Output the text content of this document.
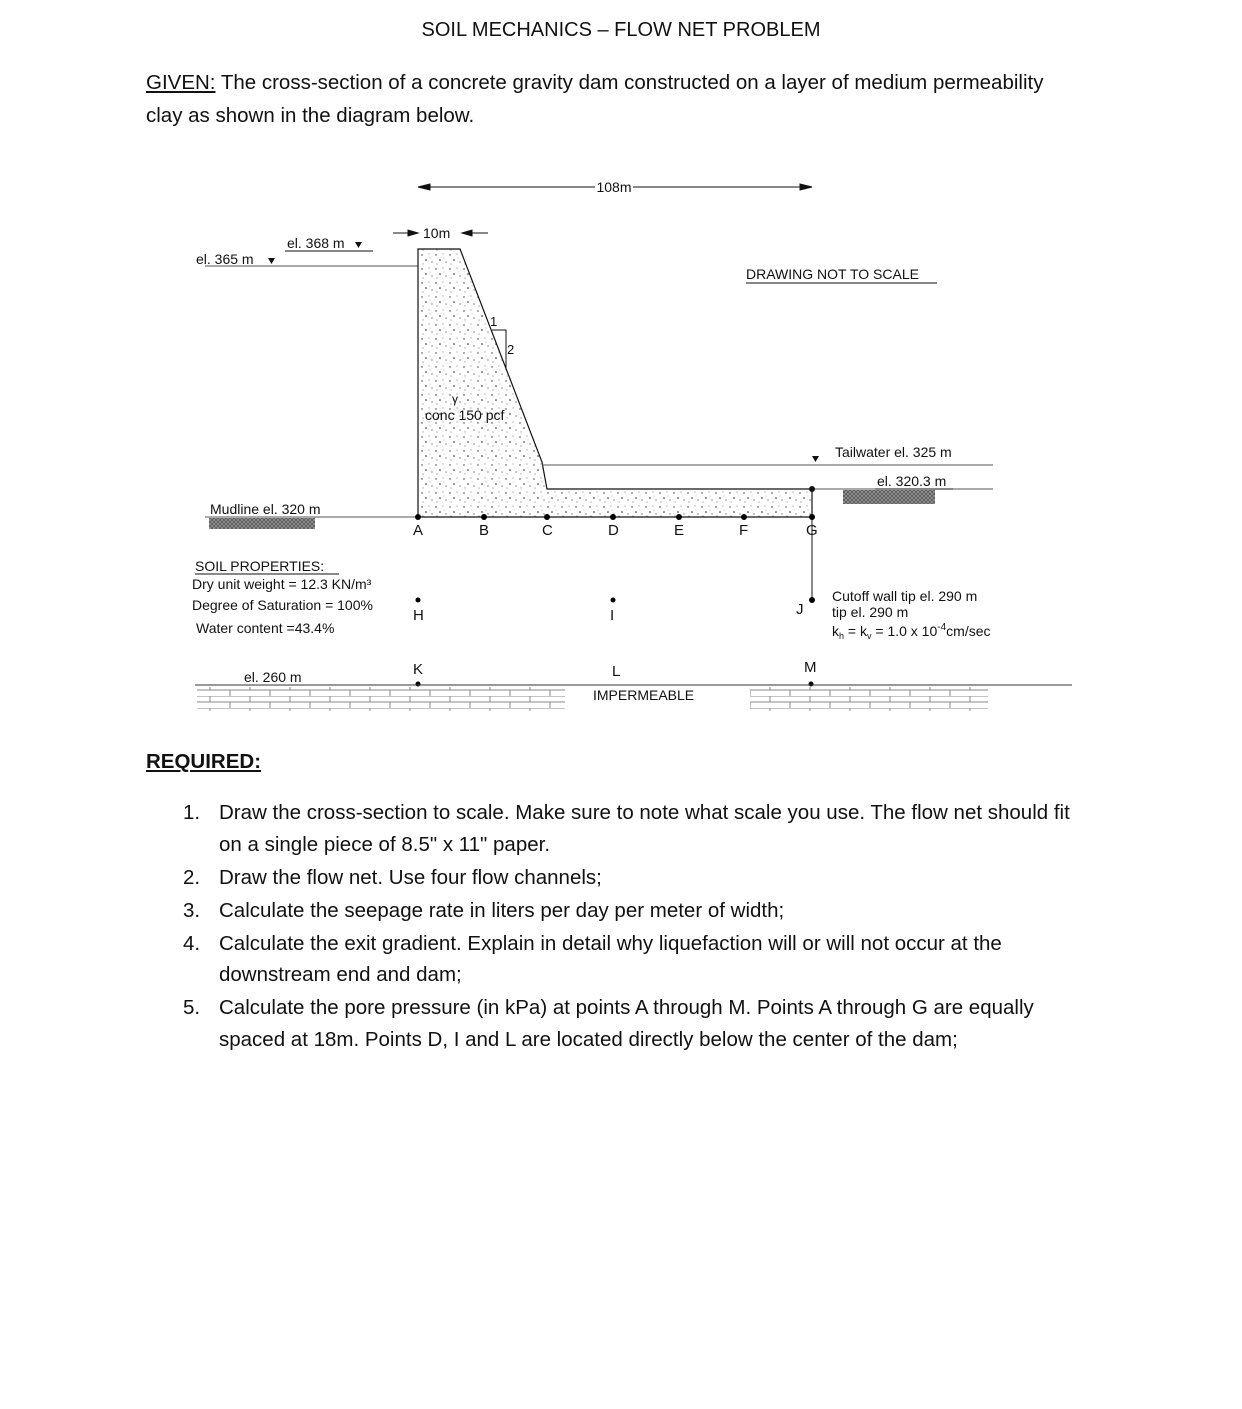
SOIL MECHANICS – FLOW NET PROBLEM
GIVEN: The cross-section of a concrete gravity dam constructed on a layer of medium permeability clay as shown in the diagram below.
108m
10m
el. 368 m
el. 365 m
1
2
γ
conc 150 pcf
DRAWING NOT TO SCALE
Tailwater el. 325 m
el. 320.3 m
Mudline el. 320 m
A	B	C	D	E	F	G
H	I	J
K	L	M
SOIL PROPERTIES:
Dry unit weight = 12.3 KN/m³
Degree of Saturation = 100%
Water content =43.4%
Cutoff wall tip el. 290 m
tip el. 290 m
$k_h = k_v = 1.0$ x $10^{-4}cm/\sec$
el. 260 m
IMPERMEABLE
REQUIRED:
1. Draw the cross-section to scale. Make sure to note what scale you use. The flow net should fit on a single piece of 8.5" x 11" paper.
2. Draw the flow net. Use four flow channels;
3. Calculate the seepage rate in liters per day per meter of width;
4. Calculate the exit gradient. Explain in detail why liquefaction will or will not occur at the downstream end and dam;
5. Calculate the pore pressure (in kPa) at points A through M. Points A through G are equally spaced at 18m. Points D, I and L are located directly below the center of the dam;
